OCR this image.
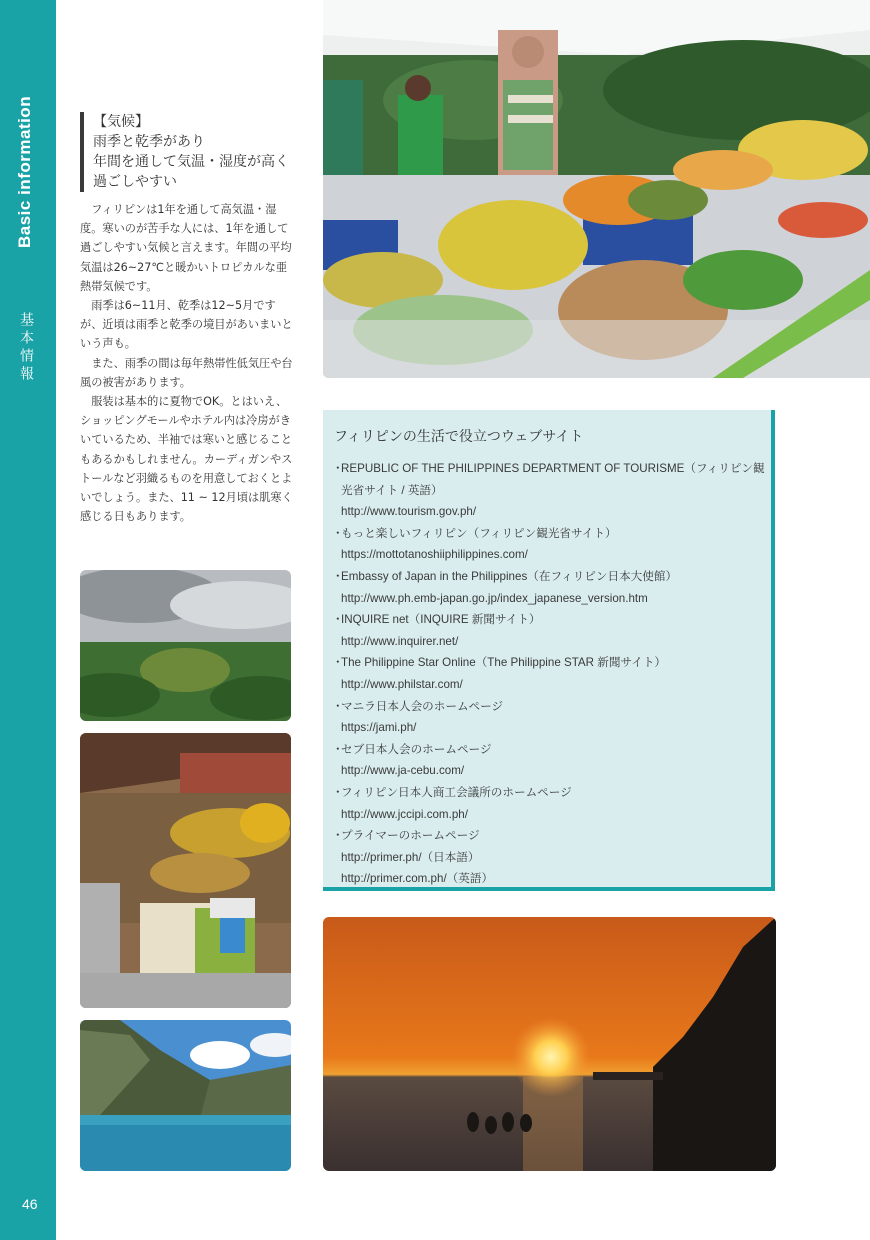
Basic information
基本情報
46
【気候】
雨季と乾季があり
年間を通して気温・湿度が高く
過ごしやすい

フィリピンは1年を通して高気温・湿度。寒いのが苦手な人には、1年を通して過ごしやすい気候と言えます。年間の平均気温は26~27℃と暖かいトロピカルな亜熱帯気候です。

雨季は6~11月、乾季は12~5月ですが、近頃は雨季と乾季の境目があいまいという声も。

また、雨季の間は毎年熱帯性低気圧や台風の被害があります。

服装は基本的に夏物でOK。とはいえ、ショッピングモールやホテル内は冷房がきいているため、半袖では寒いと感じることもあるかもしれません。カーディガンやストールなど羽織るものを用意しておくとよいでしょう。また、11 ~ 12月頃は肌寒く感じる日もあります。

フィリピンの生活で役立つウェブサイト
・ REPUBLIC OF THE PHILIPPINES DEPARTMENT OF TOURISME（フィリピン観光省サイト / 英語）
http://www.tourism.gov.ph/
・ もっと楽しいフィリピン（フィリピン観光省サイト）
https://mottotanoshiiphilippines.com/
・ Embassy of Japan in the Philippines（在フィリピン日本大使館）
http://www.ph.emb-japan.go.jp/index_japanese_version.htm
・ INQUIRE net（INQUIRE 新聞サイト）
http://www.inquirer.net/
・ The Philippine Star Online（The Philippine STAR 新聞サイト）
http://www.philstar.com/
・ マニラ日本人会のホームページ
https://jami.ph/
・ セブ日本人会のホームページ
http://www.ja-cebu.com/
・ フィリピン日本人商工会議所のホームページ
http://www.jccipi.com.ph/
・ プライマーのホームページ
http://primer.ph/（日本語）
http://primer.com.ph/（英語）
